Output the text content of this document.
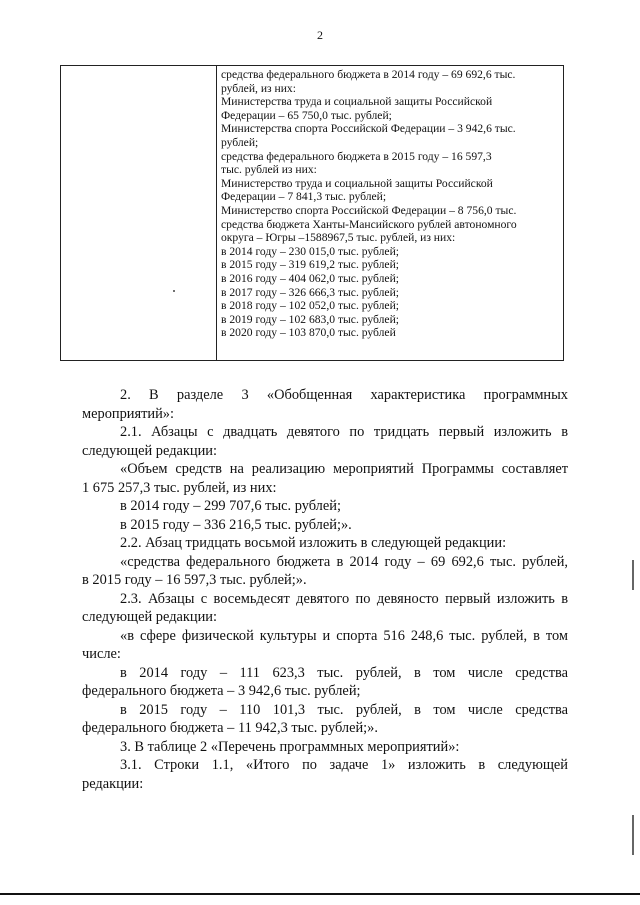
2

средства федерального бюджета в 2014 году – 69 692,6 тыс.
рублей, из них:
Министерства труда и социальной защиты Российской
Федерации – 65 750,0 тыс. рублей;
Министерства спорта Российской Федерации – 3 942,6 тыс.
рублей;
средства федерального бюджета в 2015 году – 16 597,3
тыс. рублей из них:
Министерство труда и социальной защиты Российской
Федерации – 7 841,3 тыс. рублей;
Министерство спорта Российской Федерации – 8 756,0 тыс.
средства бюджета Ханты-Мансийского рублей автономного
округа – Югры –1588967,5 тыс. рублей, из них:
в 2014 году – 230 015,0 тыс. рублей;
в 2015 году – 319 619,2 тыс. рублей;
в 2016 году – 404 062,0 тыс. рублей;
в 2017 году – 326 666,3 тыс. рублей;
в 2018 году – 102 052,0 тыс. рублей;
в 2019 году – 102 683,0 тыс. рублей;
в 2020 году – 103 870,0 тыс. рублей

2. В разделе 3 «Обобщенная характеристика программных

мероприятий»:

2.1. Абзацы с двадцать девятого по тридцать первый изложить в

следующей редакции:

«Объем средств на реализацию мероприятий Программы составляет

1 675 257,3 тыс. рублей, из них:

в 2014 году – 299 707,6 тыс. рублей;

в 2015 году – 336 216,5 тыс. рублей;».

2.2. Абзац тридцать восьмой изложить в следующей редакции:

«средства федерального бюджета в 2014 году – 69 692,6 тыс. рублей,

в 2015 году – 16 597,3 тыс. рублей;».

2.3. Абзацы с восемьдесят девятого по девяносто первый изложить в

следующей редакции:

«в сфере физической культуры и спорта 516 248,6 тыс. рублей, в том

числе:

в 2014 году – 111 623,3 тыс. рублей, в том числе средства

федерального бюджета – 3 942,6 тыс. рублей;

в 2015 году – 110 101,3 тыс. рублей, в том числе средства

федерального бюджета – 11 942,3 тыс. рублей;».

3. В таблице 2 «Перечень программных мероприятий»:

3.1. Строки 1.1, «Итого по задаче 1» изложить в следующей

редакции:
